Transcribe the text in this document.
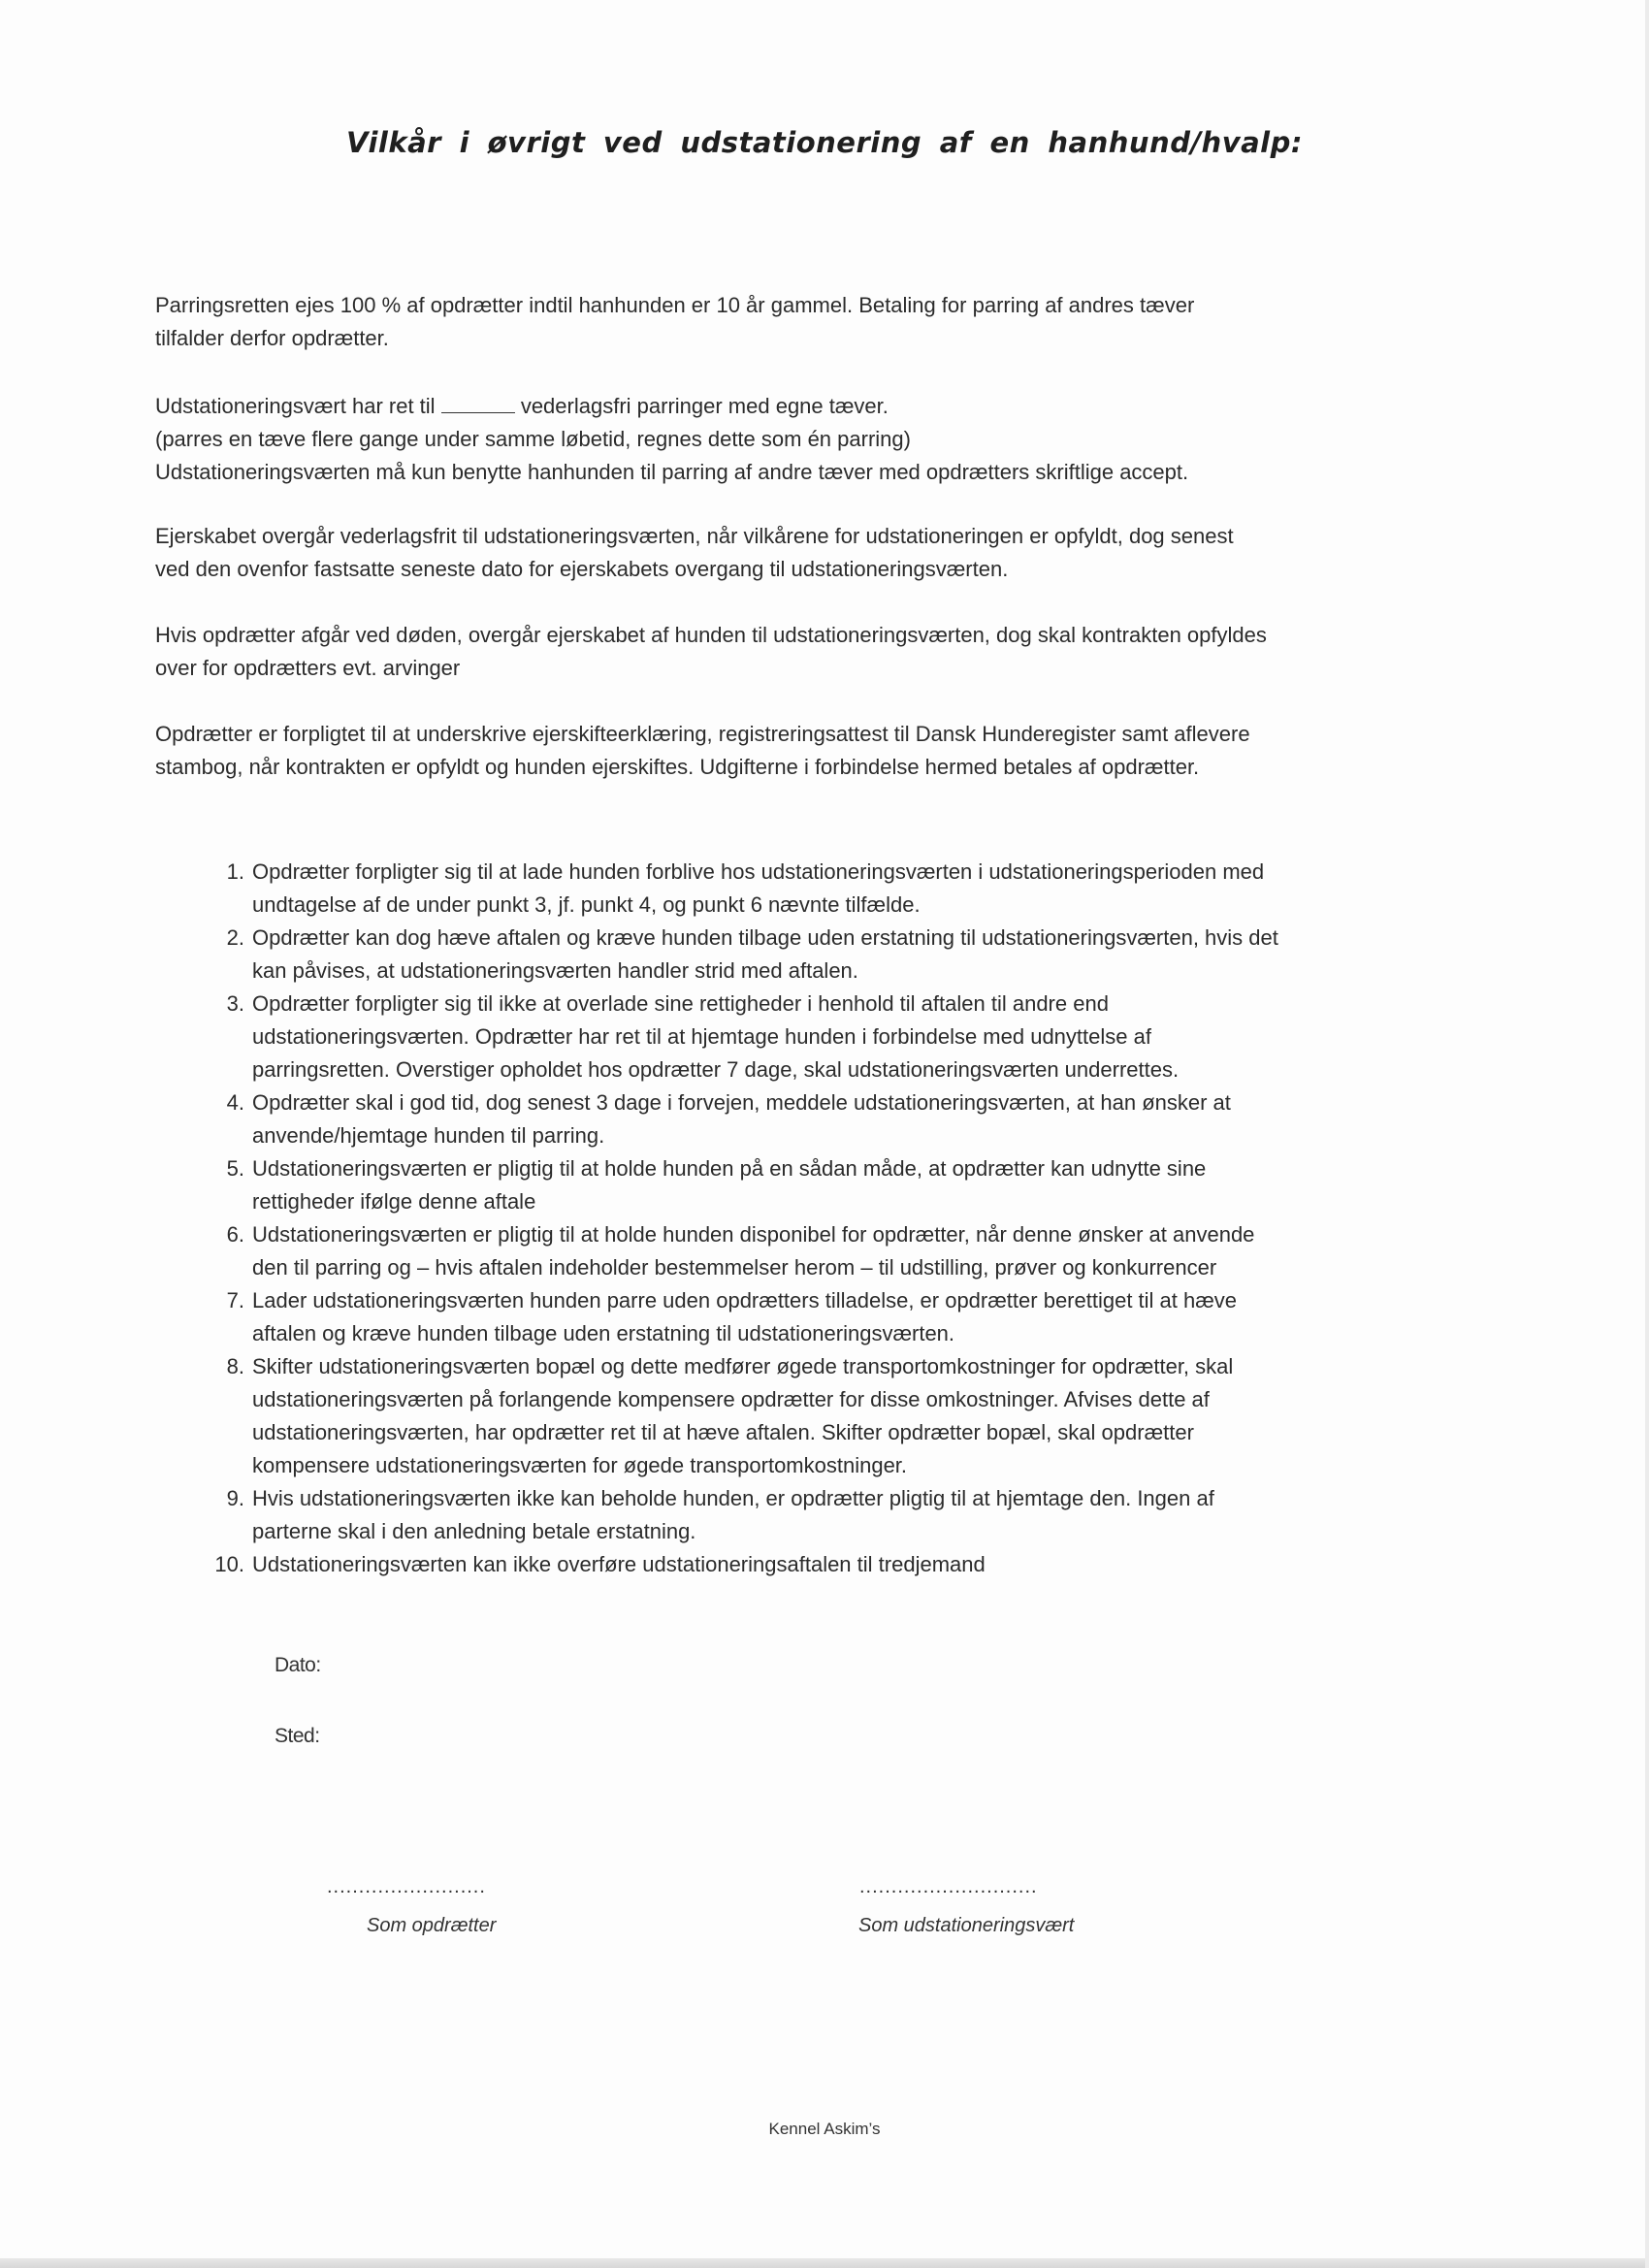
Vilkår i øvrigt ved udstationering af en hanhund/hvalp:
Parringsretten ejes 100 % af opdrætter indtil hanhunden er 10 år gammel. Betaling for parring af andres tæver
tilfalder derfor opdrætter.
Udstationeringsvært har ret til	vederlagsfri parringer med egne tæver.
(parres en tæve flere gange under samme løbetid, regnes dette som én parring)
Udstationeringsværten må kun benytte hanhunden til parring af andre tæver med opdrætters skriftlige accept.
Ejerskabet overgår vederlagsfrit til udstationeringsværten, når vilkårene for udstationeringen er opfyldt, dog senest
ved den ovenfor fastsatte seneste dato for ejerskabets overgang til udstationeringsværten.
Hvis opdrætter afgår ved døden, overgår ejerskabet af hunden til udstationeringsværten, dog skal kontrakten opfyldes
over for opdrætters evt. arvinger
Opdrætter er forpligtet til at underskrive ejerskifteerklæring, registreringsattest til Dansk Hunderegister samt aflevere
stambog, når kontrakten er opfyldt og hunden ejerskiftes. Udgifterne i forbindelse hermed betales af opdrætter.
1. Opdrætter forpligter sig til at lade hunden forblive hos udstationeringsværten i udstationeringsperioden med
undtagelse af de under punkt 3, jf. punkt 4, og punkt 6 nævnte tilfælde.
2. Opdrætter kan dog hæve aftalen og kræve hunden tilbage uden erstatning til udstationeringsværten, hvis det
kan påvises, at udstationeringsværten handler strid med aftalen.
3. Opdrætter forpligter sig til ikke at overlade sine rettigheder i henhold til aftalen til andre end
udstationeringsværten. Opdrætter har ret til at hjemtage hunden i forbindelse med udnyttelse af
parringsretten. Overstiger opholdet hos opdrætter 7 dage, skal udstationeringsværten underrettes.
4. Opdrætter skal i god tid, dog senest 3 dage i forvejen, meddele udstationeringsværten, at han ønsker at
anvende/hjemtage hunden til parring.
5. Udstationeringsværten er pligtig til at holde hunden på en sådan måde, at opdrætter kan udnytte sine
rettigheder ifølge denne aftale
6. Udstationeringsværten er pligtig til at holde hunden disponibel for opdrætter, når denne ønsker at anvende
den til parring og – hvis aftalen indeholder bestemmelser herom – til udstilling, prøver og konkurrencer
7. Lader udstationeringsværten hunden parre uden opdrætters tilladelse, er opdrætter berettiget til at hæve
aftalen og kræve hunden tilbage uden erstatning til udstationeringsværten.
8. Skifter udstationeringsværten bopæl og dette medfører øgede transportomkostninger for opdrætter, skal
udstationeringsværten på forlangende kompensere opdrætter for disse omkostninger. Afvises dette af
udstationeringsværten, har opdrætter ret til at hæve aftalen. Skifter opdrætter bopæl, skal opdrætter
kompensere udstationeringsværten for øgede transportomkostninger.
9. Hvis udstationeringsværten ikke kan beholde hunden, er opdrætter pligtig til at hjemtage den. Ingen af
parterne skal i den anledning betale erstatning.
10. Udstationeringsværten kan ikke overføre udstationeringsaftalen til tredjemand
Dato:
Sted:
.........................
Som opdrætter
............................
Som udstationeringsvært
Kennel Askim’s
